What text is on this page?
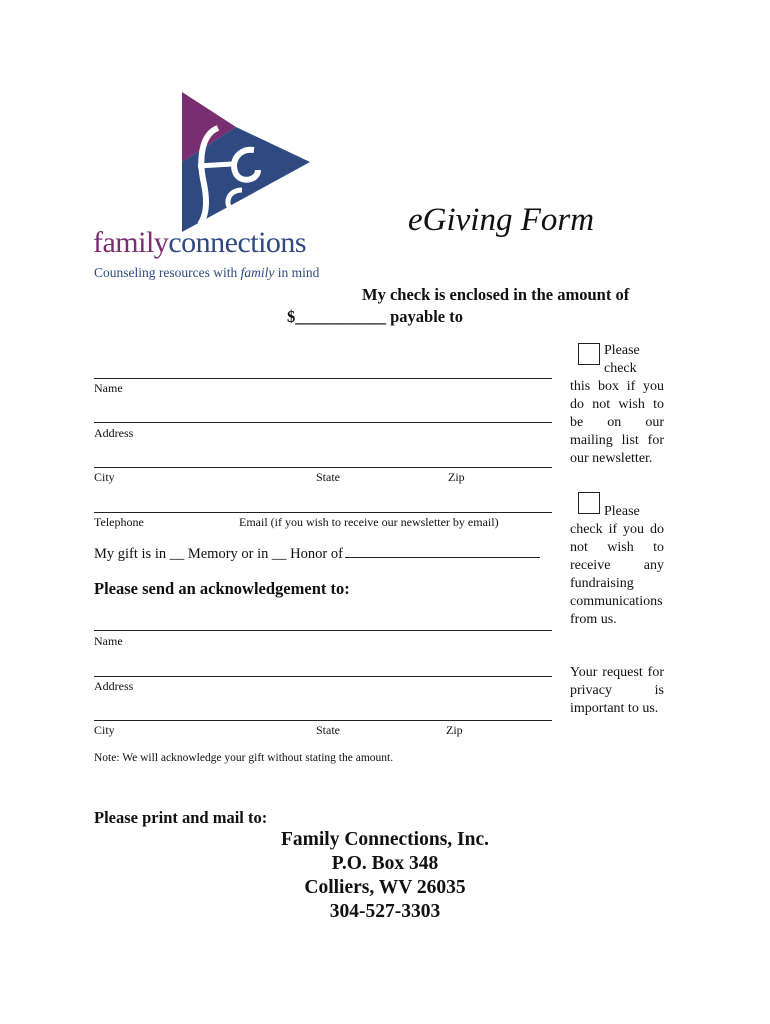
familyconnections
Counseling resources with family in mind
eGiving Form
My check is enclosed in the amount of
$___________ payable to
Name
Address
City	State	Zip
Telephone	Email (if you wish to receive our newsletter by email)
My gift is in __ Memory or in __ Honor of
Please send an acknowledgement to:
Name
Address
City	State	Zip
Note: We will acknowledge your gift without stating the amount.
Please print and mail to:
Family Connections, Inc.
P.O. Box 348
Colliers, WV 26035
304-527-3303
Please check
this box if you do not wish to be on our mailing list for our newsletter.
Please
check if you do not wish to receive any fundraising communications from us.
Your request for privacy is important to us.
